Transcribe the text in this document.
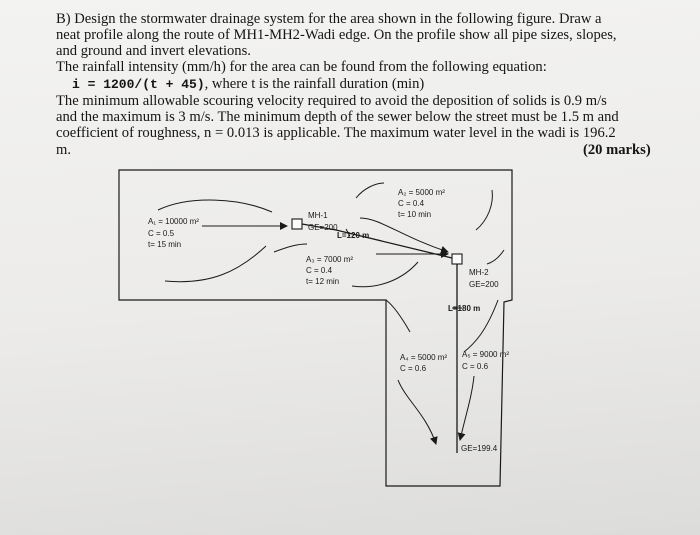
B) Design the stormwater drainage system for the area shown in the following figure. Draw a
neat profile along the route of MH1-MH2-Wadi edge. On the profile show all pipe sizes, slopes,
and ground and invert elevations.
The rainfall intensity (mm/h) for the area can be found from the following equation:
i = 1200/(t + 45), where t is the rainfall duration (min)
The minimum allowable scouring velocity required to avoid the deposition of solids is 0.9 m/s
and the maximum is 3 m/s. The minimum depth of the sewer below the street must be 1.5 m and
coefficient of roughness, n = 0.013 is applicable. The maximum water level in the wadi is 196.2
m.	(20 marks)
A₁ = 10000 m²
C = 0.5
t= 15 min
A₂ = 5000 m²
C = 0.4
t= 10 min
MH-1
GE=200
L=120 m
A₃ = 7000 m²
C = 0.4
t= 12 min
MH-2
GE=200
L=180 m
A₄ = 5000 m²
C = 0.6
A₅ = 9000 m²
C = 0.6
GE=199.4
